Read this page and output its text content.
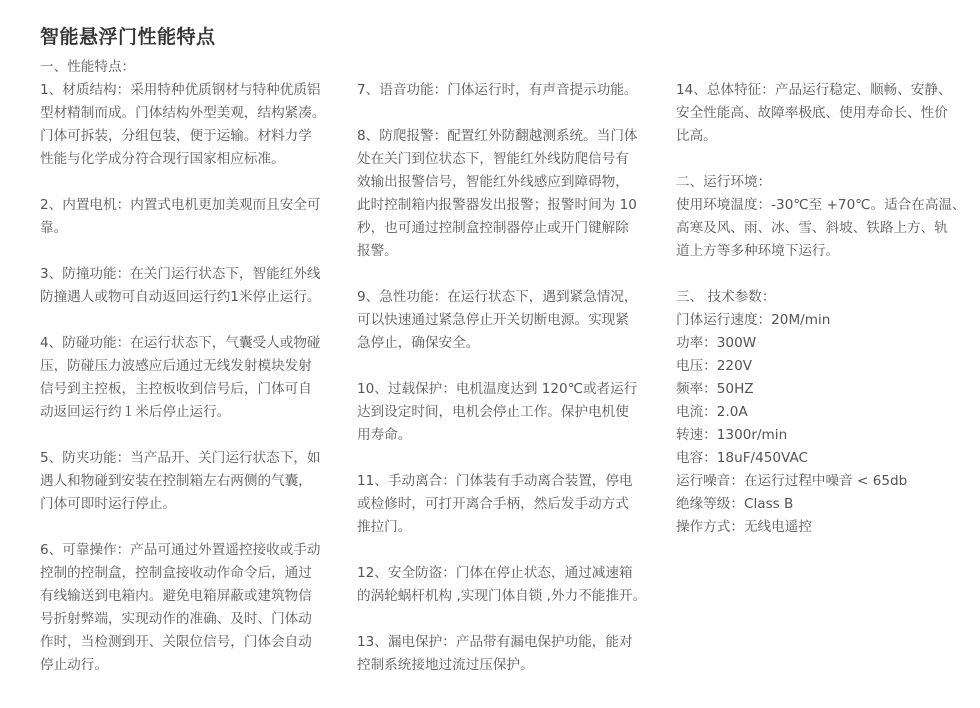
智能悬浮门性能特点
一、性能特点：
1、材质结构：采用特种优质钢材与特种优质铝
型材精制而成。门体结构外型美观，结构紧凑。
门体可拆装，分组包装，便于运输。材料力学
性能与化学成分符合现行国家相应标准。
2、内置电机：内置式电机更加美观而且安全可
靠。
3、防撞功能：在关门运行状态下，智能红外线
防撞遇人或物可自动返回运行约1米停止运行。
4、防碰功能：在运行状态下，气囊受人或物碰
压，防碰压力波感应后通过无线发射模块发射
信号到主控板，主控板收到信号后，门体可自
动返回运行约１米后停止运行。
5、防夹功能：当产品开、关门运行状态下，如
遇人和物碰到安装在控制箱左右两侧的气囊，
门体可即时运行停止。
6、可靠操作：产品可通过外置遥控接收或手动
控制的控制盒，控制盒接收动作命令后，通过
有线输送到电箱内。避免电箱屏蔽或建筑物信
号折射弊端，实现动作的准确、及时、门体动
作时，当检测到开、关限位信号，门体会自动
停止动行。
7、语音功能：门体运行时，有声音提示功能。
8、防爬报警：配置红外防翻越测系统。当门体
处在关门到位状态下，智能红外线防爬信号有
效输出报警信号，智能红外线感应到障碍物，
此时控制箱内报警器发出报警；报警时间为 10
秒，也可通过控制盒控制器停止或开门键解除
报警。
9、急性功能：在运行状态下，遇到紧急情况，
可以快速通过紧急停止开关切断电源。实现紧
急停止，确保安全。
10、过载保护：电机温度达到 120℃或者运行
达到设定时间，电机会停止工作。保护电机使
用寿命。
11、手动离合：门体装有手动离合装置，停电
或检修时，可打开离合手柄，然后发手动方式
推拉门。
12、安全防盗：门体在停止状态，通过减速箱
的涡轮蜗杆机构 ,实现门体自锁 ,外力不能推开。
13、漏电保护：产品带有漏电保护功能，能对
控制系统接地过流过压保护。
14、总体特征：产品运行稳定、顺畅、安静、
安全性能高、故障率极底、使用寿命长、性价
比高。
二、运行环境：
使用环境温度：-30℃至 +70℃。适合在高温、
高寒及风、雨、冰、雪、斜坡、铁路上方、轨
道上方等多种环境下运行。
三、 技术参数：
门体运行速度：20M/min
功率：300W
电压：220V
频率：50HZ
电流：2.0A
转速：1300r/min
电容：18uF/450VAC
运行噪音：在运行过程中噪音 < 65db
绝缘等级：Class B
操作方式：无线电遥控
